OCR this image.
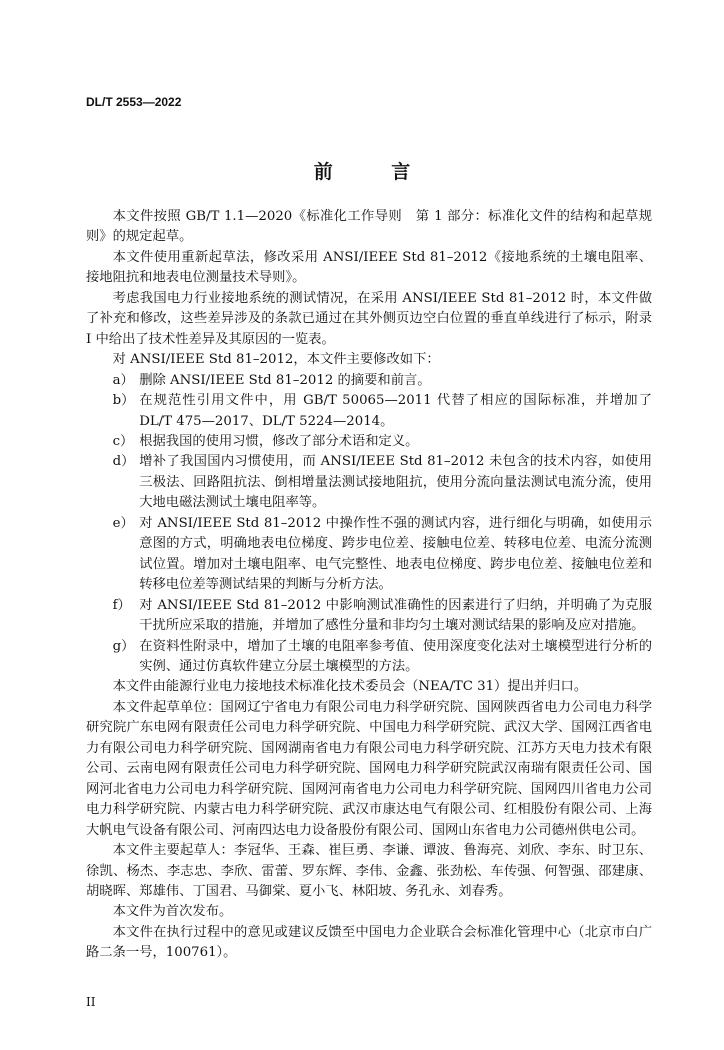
DL/T 2553—2022
前 言

本文件按照 GB/T 1.1—2020《标准化工作导则　第 1 部分：标准化文件的结构和起草规则》的规定起草。

本文件使用重新起草法，修改采用 ANSI/IEEE Std 81–2012《接地系统的土壤电阻率、接地阻抗和地表电位测量技术导则》。

考虑我国电力行业接地系统的测试情况，在采用 ANSI/IEEE Std 81–2012 时，本文件做了补充和修改，这些差异涉及的条款已通过在其外侧页边空白位置的垂直单线进行了标示，附录 I 中给出了技术性差异及其原因的一览表。

对 ANSI/IEEE Std 81–2012，本文件主要修改如下：

a） 删除 ANSI/IEEE Std 81–2012 的摘要和前言。
b） 在规范性引用文件中，用 GB/T 50065—2011 代替了相应的国际标准，并增加了 DL/T 475—2017、DL/T 5224—2014。
c） 根据我国的使用习惯，修改了部分术语和定义。
d） 增补了我国国内习惯使用，而 ANSI/IEEE Std 81–2012 未包含的技术内容，如使用三极法、回路阻抗法、倒相增量法测试接地阻抗，使用分流向量法测试电流分流，使用大地电磁法测试土壤电阻率等。
e） 对 ANSI/IEEE Std 81–2012 中操作性不强的测试内容，进行细化与明确，如使用示意图的方式，明确地表电位梯度、跨步电位差、接触电位差、转移电位差、电流分流测试位置。增加对土壤电阻率、电气完整性、地表电位梯度、跨步电位差、接触电位差和转移电位差等测试结果的判断与分析方法。
f） 对 ANSI/IEEE Std 81–2012 中影响测试准确性的因素进行了归纳，并明确了为克服干扰所应采取的措施，并增加了感性分量和非均匀土壤对测试结果的影响及应对措施。
g） 在资料性附录中，增加了土壤的电阻率参考值、使用深度变化法对土壤模型进行分析的实例、通过仿真软件建立分层土壤模型的方法。

本文件由能源行业电力接地技术标准化技术委员会（NEA/TC 31）提出并归口。

本文件起草单位：国网辽宁省电力有限公司电力科学研究院、国网陕西省电力公司电力科学研究院广东电网有限责任公司电力科学研究院、中国电力科学研究院、武汉大学、国网江西省电力有限公司电力科学研究院、国网湖南省电力有限公司电力科学研究院、江苏方天电力技术有限公司、云南电网有限责任公司电力科学研究院、国网电力科学研究院武汉南瑞有限责任公司、国网河北省电力公司电力科学研究院、国网河南省电力公司电力科学研究院、国网四川省电力公司电力科学研究院、内蒙古电力科学研究院、武汉市康达电气有限公司、红相股份有限公司、上海大帆电气设备有限公司、河南四达电力设备股份有限公司、国网山东省电力公司德州供电公司。

本文件主要起草人：李冠华、王森、崔巨勇、李谦、谭波、鲁海亮、刘欣、李东、时卫东、徐凯、杨杰、李志忠、李欣、雷蕾、罗东辉、李伟、金鑫、张劲松、车传强、何智强、邵建康、胡晓晖、郑雄伟、丁国君、马御棠、夏小飞、林阳坡、务孔永、刘春秀。

本文件为首次发布。

本文件在执行过程中的意见或建议反馈至中国电力企业联合会标准化管理中心（北京市白广路二条一号，100761）。

II
